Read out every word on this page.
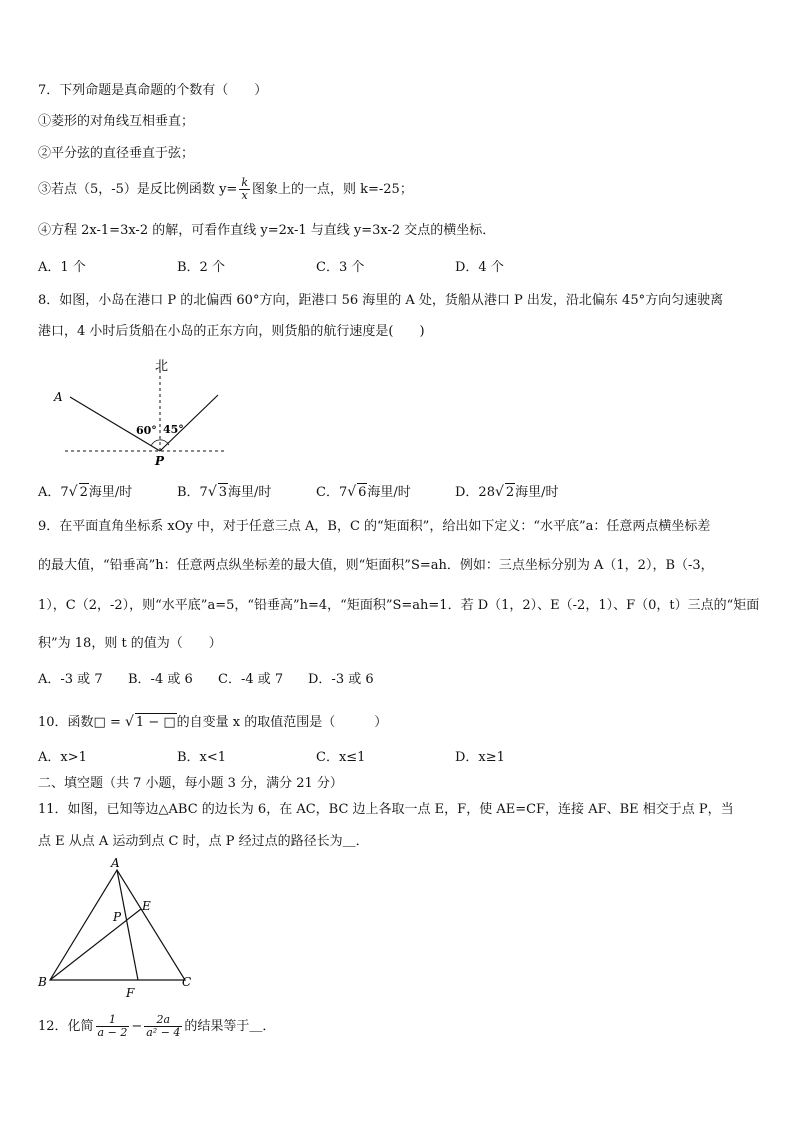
7．下列命题是真命题的个数有（　　）
①菱形的对角线互相垂直；
②平分弦的直径垂直于弦；
③若点（5，-5）是反比例函数 $y= \frac{k}{x}$ 图象上的一点，则 k=-25；
④方程 2x-1=3x-2 的解，可看作直线 y=2x-1 与直线 y=3x-2 交点的横坐标．
A．1 个	B．2 个	C．3 个	D．4 个
8．如图，小岛在港口 P 的北偏西 60°方向，距港口 56 海里的 A 处，货船从港口 P 出发，沿北偏东 45°方向匀速驶离
港口，4 小时后货船在小岛的正东方向，则货船的航行速度是(　　)
北
A
P
60° 45°
A．7√ 2海里/时	B．7√ 3海里/时	C．7√ 6海里/时	D．28√ 2海里/时
9．在平面直角坐标系 xOy 中，对于任意三点 A，B，C 的“矩面积”，给出如下定义：“水平底”a：任意两点横坐标差
的最大值，“铅垂高”h：任意两点纵坐标差的最大值，则“矩面积”S=ah．例如：三点坐标分别为 A（1，2），B（-3，
1），C（2，-2），则“水平底”a=5，“铅垂高”h=4，“矩面积”S=ah=1．若 D（1，2）、E（-2，1）、F（0，t）三点的“矩面
积”为 18，则 t 的值为（　　）
A．-3 或 7 B．-4 或 6 C．-4 或 7 D．-3 或 6
10．函数□ = √ 1 − □的自变量 x 的取值范围是（　　　）
A．x>1	B．x<1	C．x≤1	D．x≥1
二、填空题（共 7 小题，每小题 3 分，满分 21 分）
11．如图，已知等边△ABC 的边长为 6，在 AC，BC 边上各取一点 E，F，使 AE=CF，连接 AF、BE 相交于点 P，当
点 E 从点 A 运动到点 C 时，点 P 经过点的路径长为＿．
A
B	C
E
F
P
12．化简 $\frac{1}{a - 2} - \frac{2a}{\text{a² − 4}}$ 的结果等于＿．
